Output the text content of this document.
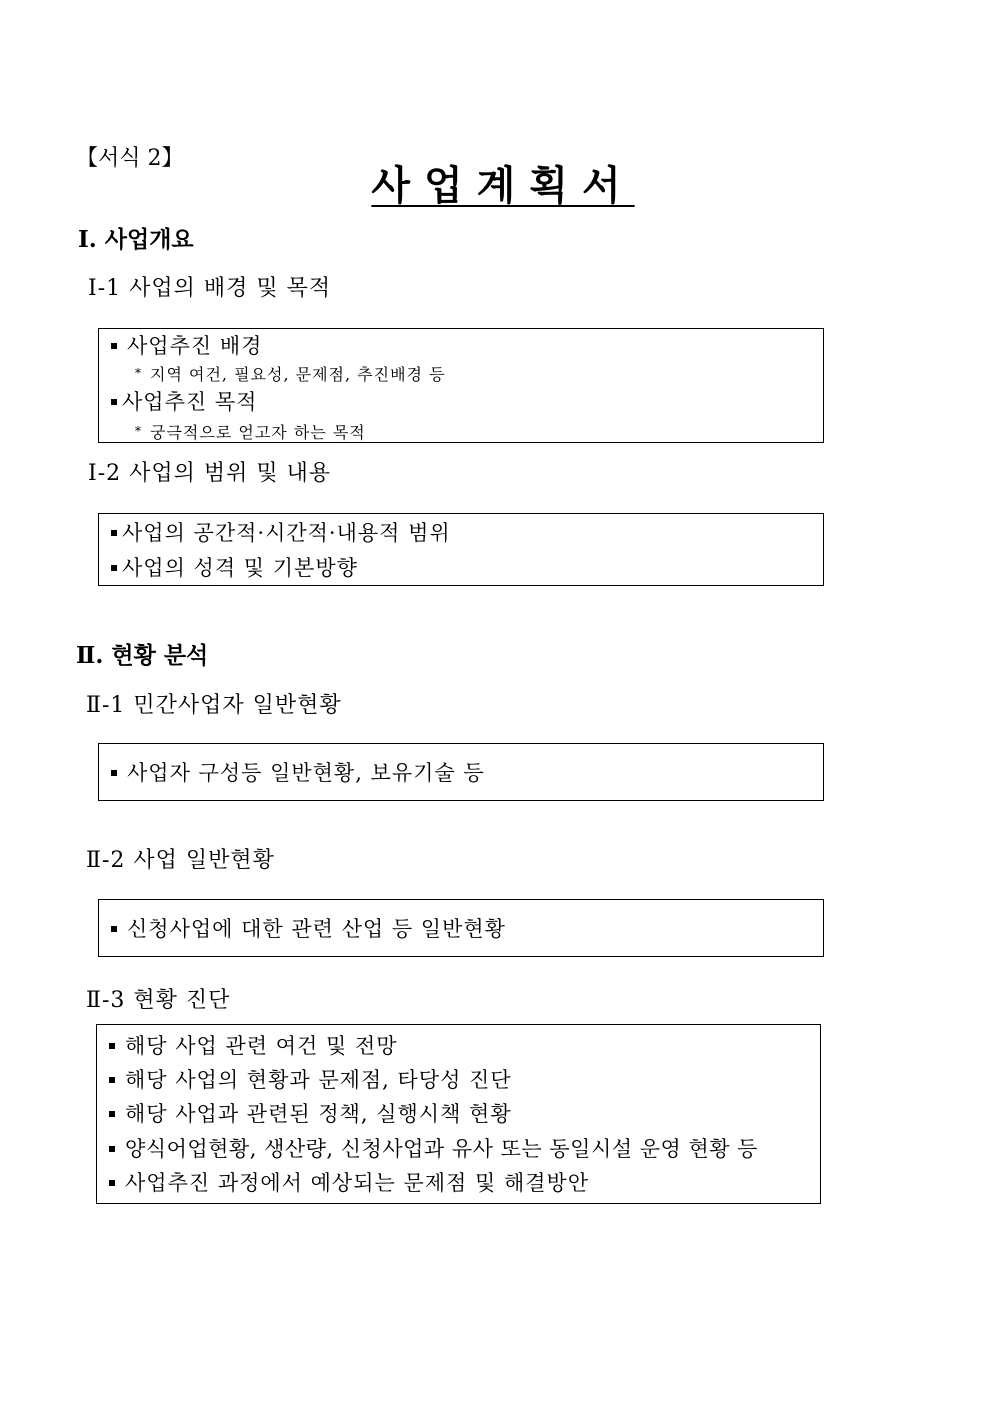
【서식 2】
사업계획서
Ⅰ. 사업개요
Ⅰ-1 사업의 배경 및 목적
사업추진 배경
* 지역 여건, 필요성, 문제점, 추진배경 등
사업추진 목적
* 궁극적으로 얻고자 하는 목적
Ⅰ-2 사업의 범위 및 내용
사업의 공간적·시간적·내용적 범위
사업의 성격 및 기본방향
Ⅱ. 현황 분석
Ⅱ-1 민간사업자 일반현황
사업자 구성등 일반현황, 보유기술 등
Ⅱ-2 사업 일반현황
신청사업에 대한 관련 산업 등 일반현황
Ⅱ-3 현황 진단
해당 사업 관련 여건 및 전망
해당 사업의 현황과 문제점, 타당성 진단
해당 사업과 관련된 정책, 실행시책 현황
양식어업현황, 생산량, 신청사업과 유사 또는 동일시설 운영 현황 등
사업추진 과정에서 예상되는 문제점 및 해결방안
